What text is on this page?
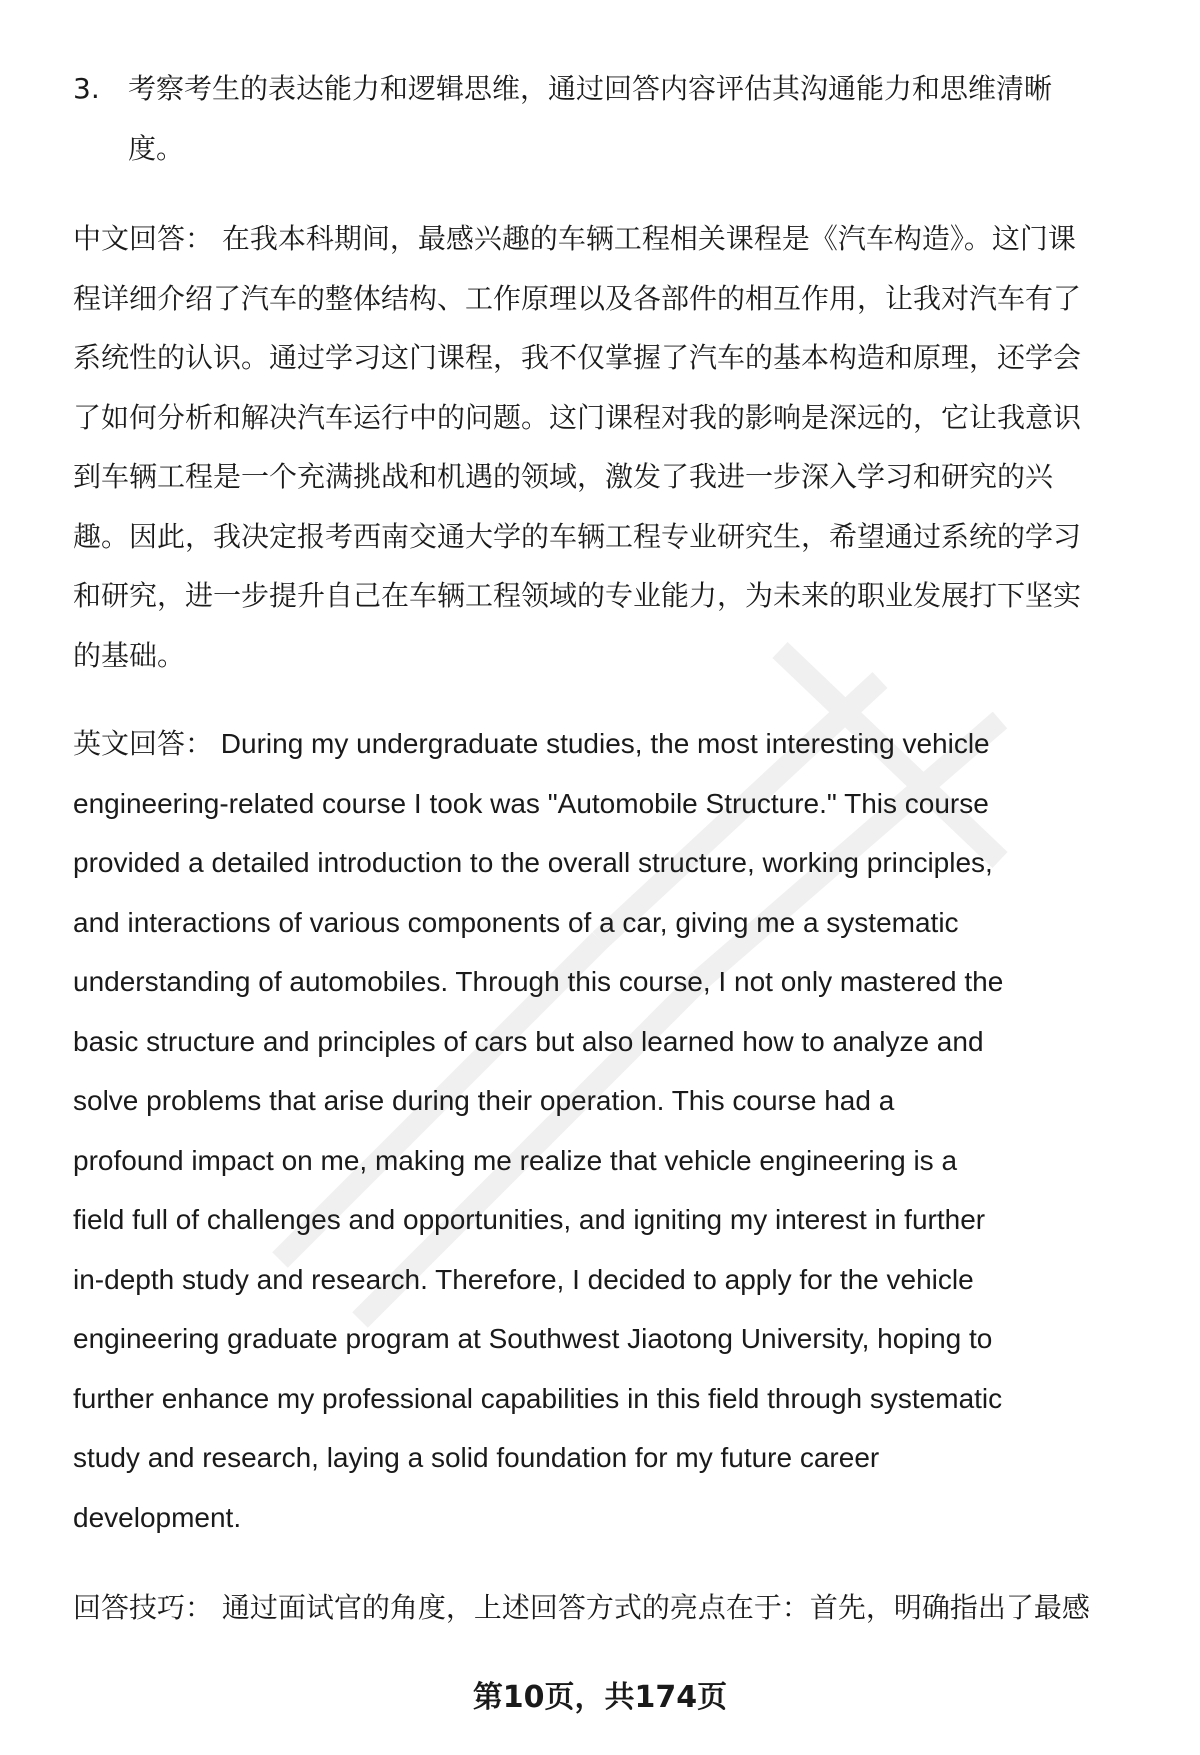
3. 考察考生的表达能力和逻辑思维，通过回答内容评估其沟通能力和思维清晰
度。
中文回答： 在我本科期间，最感兴趣的车辆工程相关课程是《汽车构造》。这门课
程详细介绍了汽车的整体结构、工作原理以及各部件的相互作用，让我对汽车有了
系统性的认识。通过学习这门课程，我不仅掌握了汽车的基本构造和原理，还学会
了如何分析和解决汽车运行中的问题。这门课程对我的影响是深远的，它让我意识
到车辆工程是一个充满挑战和机遇的领域，激发了我进一步深入学习和研究的兴
趣。因此，我决定报考西南交通大学的车辆工程专业研究生，希望通过系统的学习
和研究，进一步提升自己在车辆工程领域的专业能力，为未来的职业发展打下坚实
的基础。
英文回答： During my undergraduate studies, the most interesting vehicle
engineering-related course I took was "Automobile Structure." This course
provided a detailed introduction to the overall structure, working principles,
and interactions of various components of a car, giving me a systematic
understanding of automobiles. Through this course, I not only mastered the
basic structure and principles of cars but also learned how to analyze and
solve problems that arise during their operation. This course had a
profound impact on me, making me realize that vehicle engineering is a
field full of challenges and opportunities, and igniting my interest in further
in-depth study and research. Therefore, I decided to apply for the vehicle
engineering graduate program at Southwest Jiaotong University, hoping to
further enhance my professional capabilities in this field through systematic
study and research, laying a solid foundation for my future career
development.
回答技巧： 通过面试官的角度，上述回答方式的亮点在于：首先，明确指出了最感
第10页，共174页
